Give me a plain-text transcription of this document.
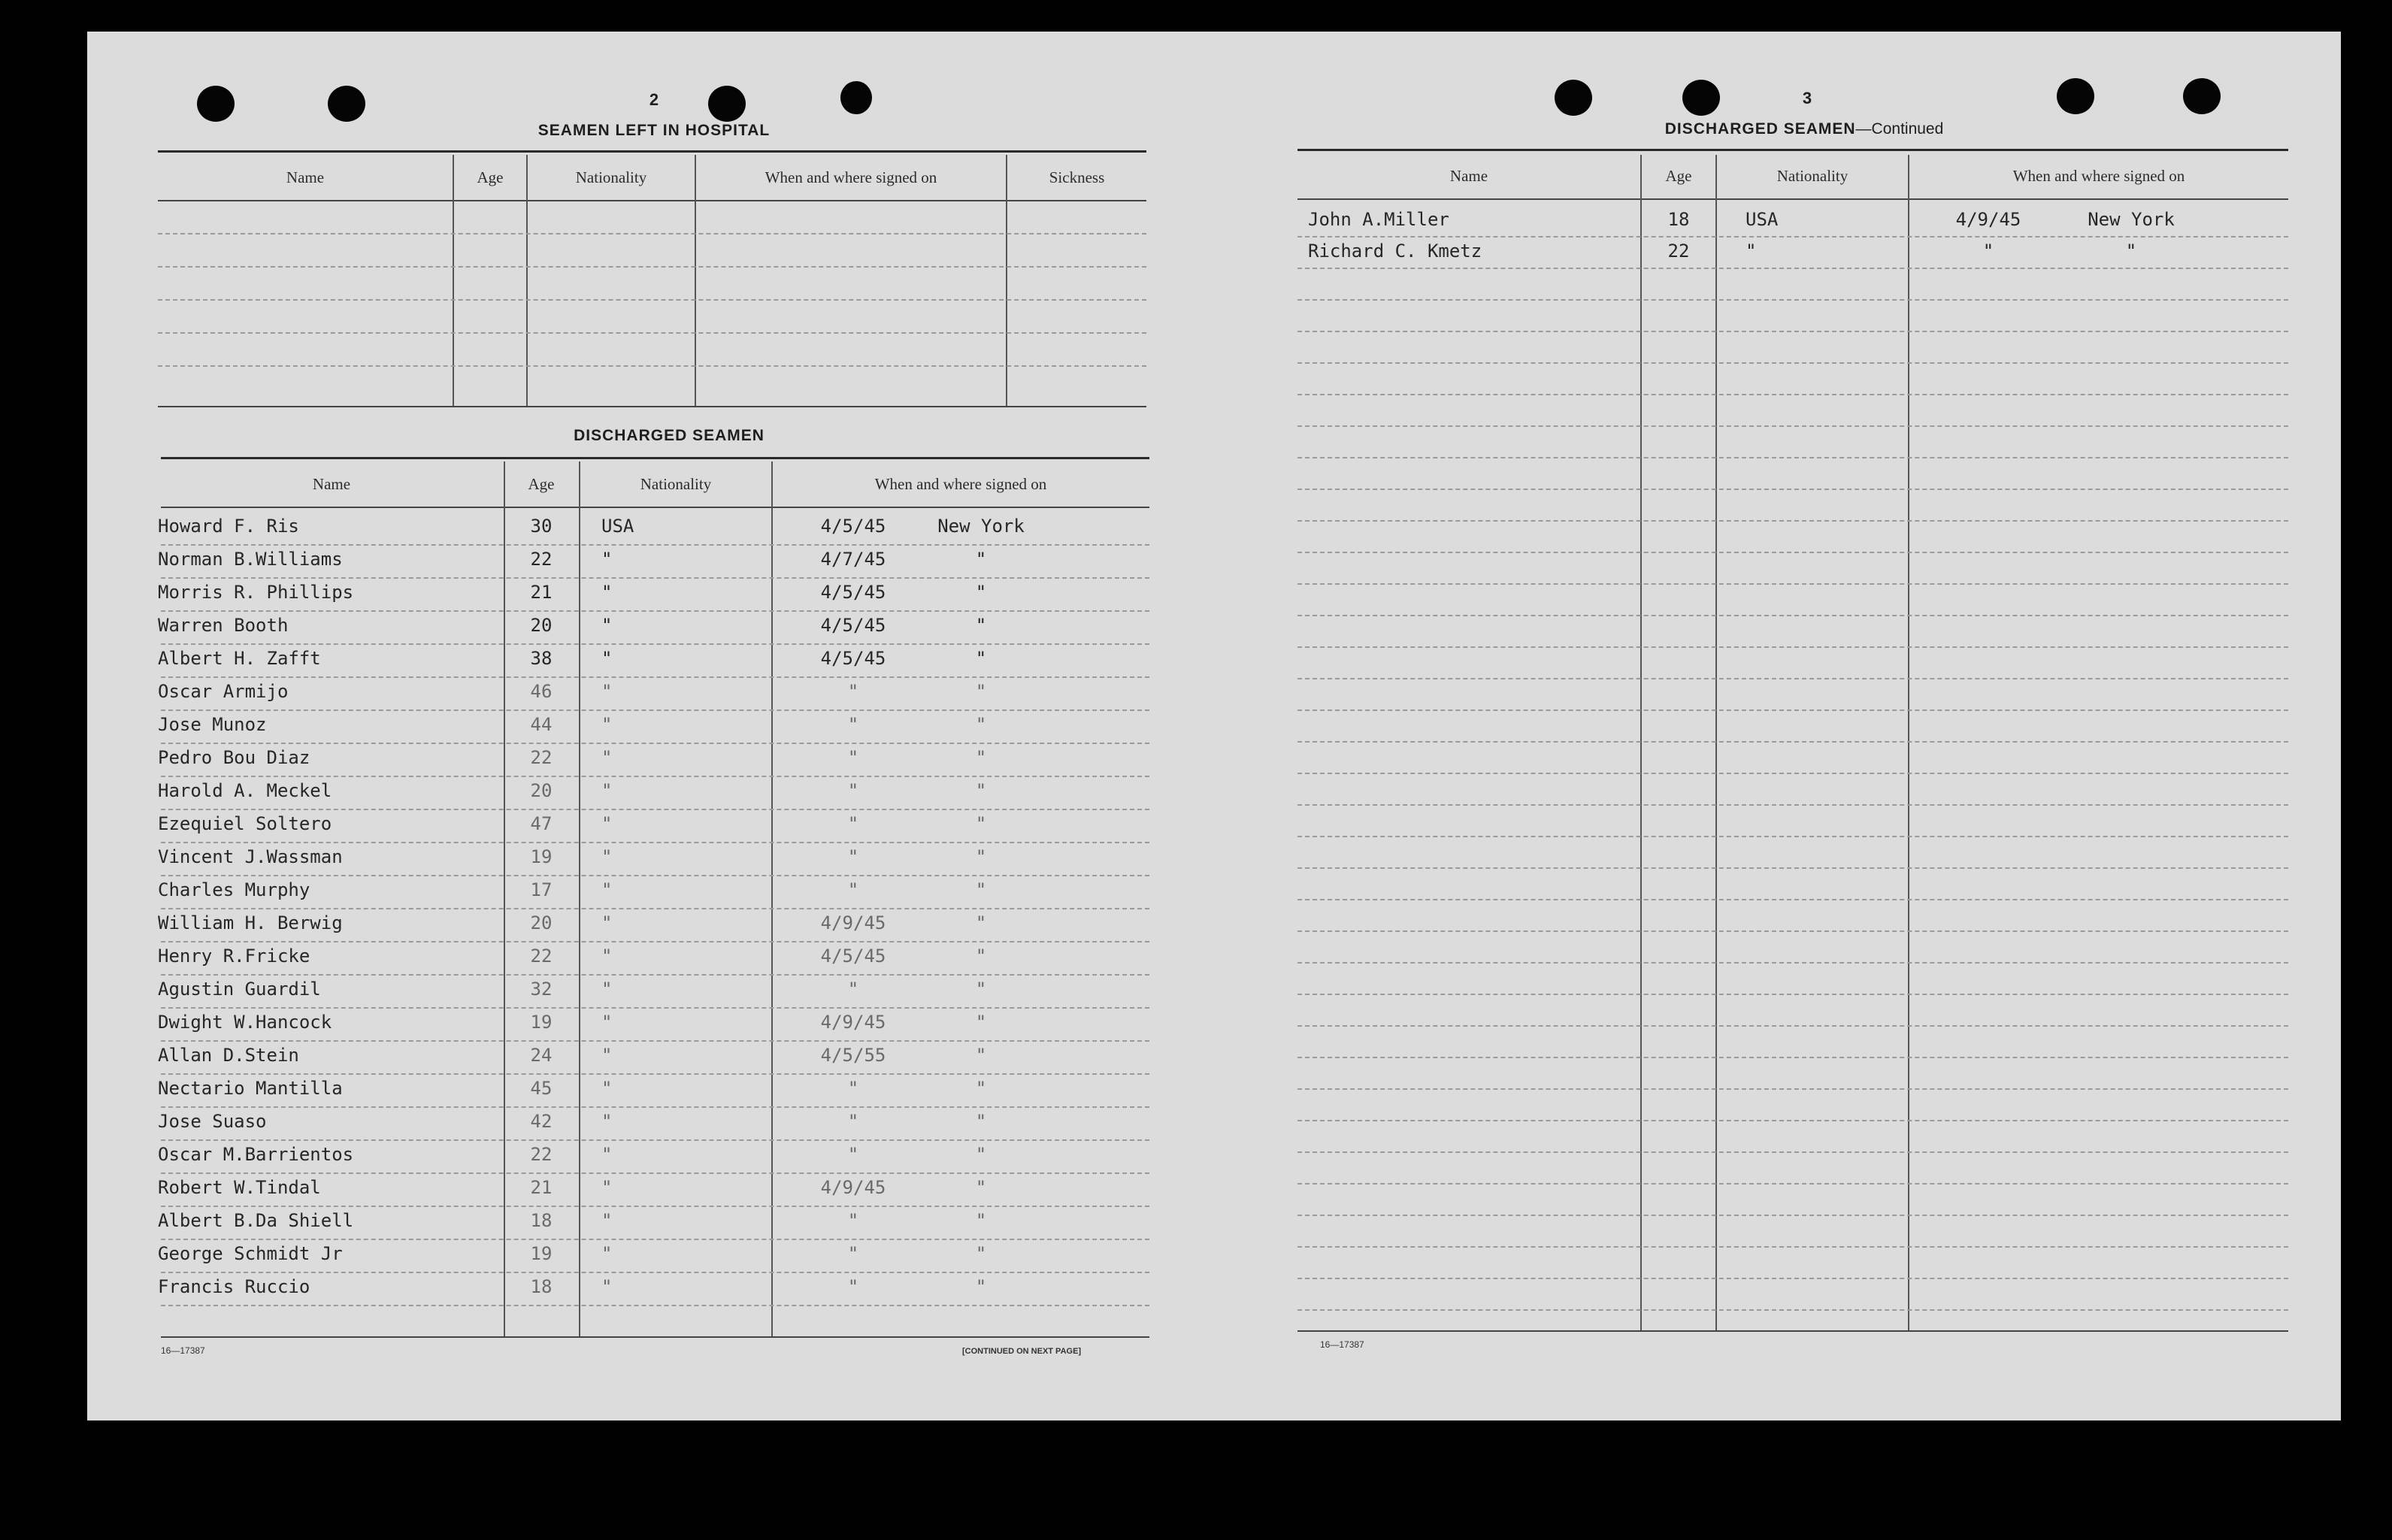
2
SEAMEN LEFT IN HOSPITAL
Name	Age	Nationality	When and where signed on	Sickness
DISCHARGED SEAMEN
Name	Age	Nationality	When and where signed on
Howard F. Ris	30	USA	4/5/45	New York
Norman B.Williams	22	"	4/7/45	"
Morris R. Phillips	21	"	4/5/45	"
Warren Booth	20	"	4/5/45	"
Albert H. Zafft	38	"	4/5/45	"
Oscar Armijo	46	"	"	"
Jose Munoz	44	"	"	"
Pedro Bou Diaz	22	"	"	"
Harold A. Meckel	20	"	"	"
Ezequiel Soltero	47	"	"	"
Vincent J.Wassman	19	"	"	"
Charles Murphy	17	"	"	"
William H. Berwig	20	"	4/9/45	"
Henry R.Fricke	22	"	4/5/45	"
Agustin Guardil	32	"	"	"
Dwight W.Hancock	19	"	4/9/45	"
Allan D.Stein	24	"	4/5/55	"
Nectario Mantilla	45	"	"	"
Jose Suaso	42	"	"	"
Oscar M.Barrientos	22	"	"	"
Robert W.Tindal	21	"	4/9/45	"
Albert B.Da Shiell	18	"	"	"
George Schmidt Jr	19	"	"	"
Francis Ruccio	18	"	"	"
16—17387	[CONTINUED ON NEXT PAGE]
3
DISCHARGED SEAMEN—Continued
Name	Age	Nationality	When and where signed on
John A.Miller	18	USA	4/9/45	New York
Richard C. Kmetz	22	"	"	"
16—17387
